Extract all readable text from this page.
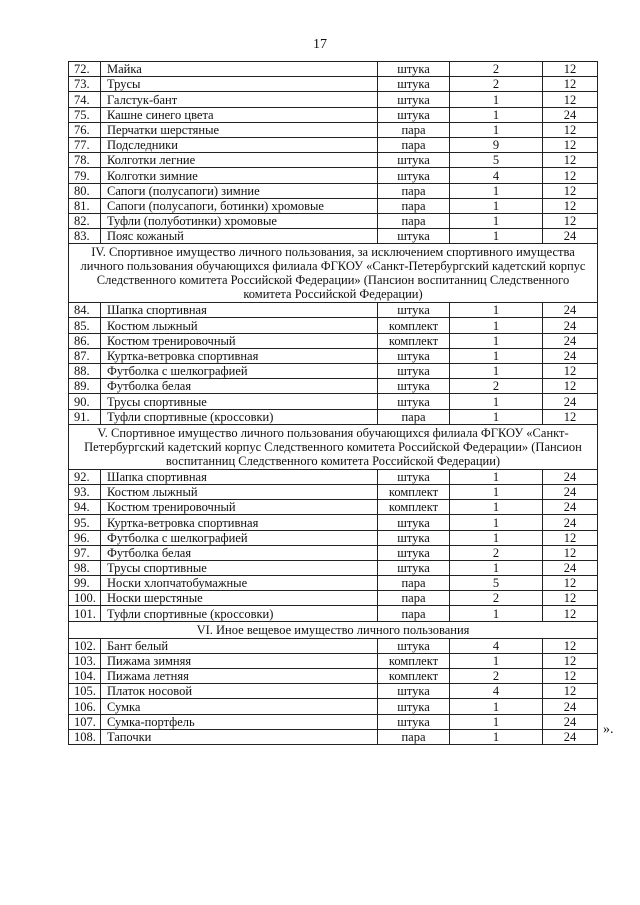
17
72.	Майка	штука	2	12
73.	Трусы	штука	2	12
74.	Галстук-бант	штука	1	12
75.	Кашне синего цвета	штука	1	24
76.	Перчатки шерстяные	пара	1	12
77.	Подследники	пара	9	12
78.	Колготки легние	штука	5	12
79.	Колготки зимние	штука	4	12
80.	Сапоги (полусапоги) зимние	пара	1	12
81.	Сапоги (полусапоги, ботинки) хромовые	пара	1	12
82.	Туфли (полуботинки) хромовые	пара	1	12
83.	Пояс кожаный	штука	1	24
IV. Спортивное имущество личного пользования, за исключением спортивного имущества личного пользования обучающихся филиала ФГКОУ «Санкт-Петербургский кадетский корпус Следственного комитета Российской Федерации» (Пансион воспитанниц Следственного комитета Российской Федерации)				
84.	Шапка спортивная	штука	1	24
85.	Костюм лыжный	комплект	1	24
86.	Костюм тренировочный	комплект	1	24
87.	Куртка-ветровка спортивная	штука	1	24
88.	Футболка с шелкографией	штука	1	12
89.	Футболка белая	штука	2	12
90.	Трусы спортивные	штука	1	24
91.	Туфли спортивные (кроссовки)	пара	1	12
V. Спортивное имущество личного пользования обучающихся филиала ФГКОУ «Санкт-Петербургский кадетский корпус Следственного комитета Российской Федерации» (Пансион воспитанниц Следственного комитета Российской Федерации)				
92.	Шапка спортивная	штука	1	24
93.	Костюм лыжный	комплект	1	24
94.	Костюм тренировочный	комплект	1	24
95.	Куртка-ветровка спортивная	штука	1	24
96.	Футболка с шелкографией	штука	1	12
97.	Футболка белая	штука	2	12
98.	Трусы спортивные	штука	1	24
99.	Носки хлопчатобумажные	пара	5	12
100.	Носки шерстяные	пара	2	12
101.	Туфли спортивные (кроссовки)	пара	1	12
VI. Иное вещевое имущество личного пользования				
102.	Бант белый	штука	4	12
103.	Пижама зимняя	комплект	1	12
104.	Пижама летняя	комплект	2	12
105.	Платок носовой	штука	4	12
106.	Сумка	штука	1	24
107.	Сумка-портфель	штука	1	24
108.	Тапочки	пара	1	24 ».
